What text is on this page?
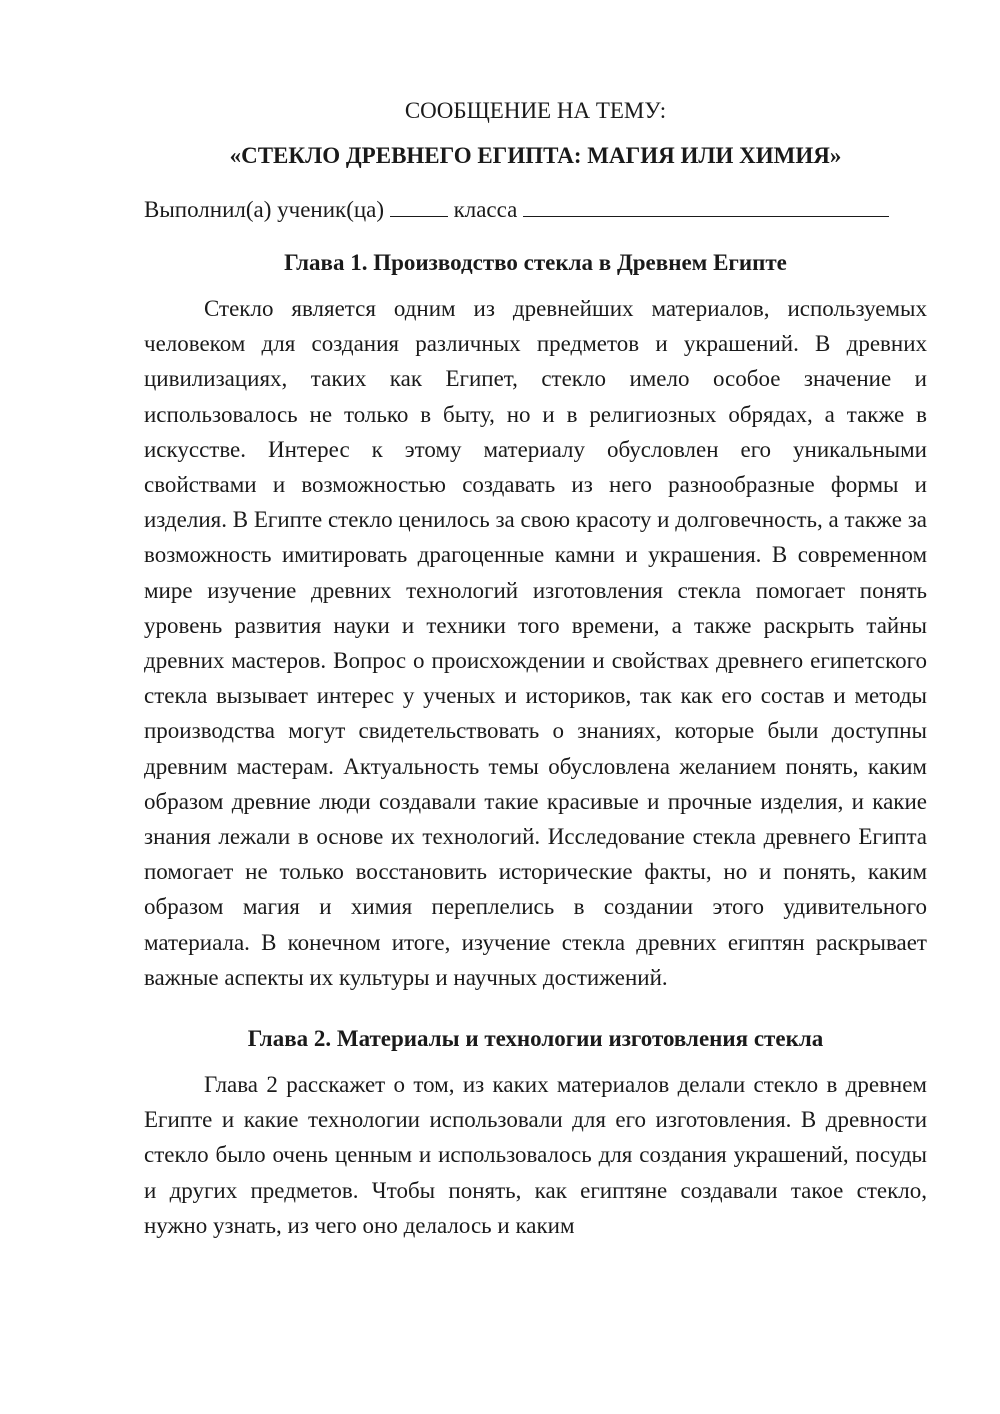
СООБЩЕНИЕ НА ТЕМУ:

«СТЕКЛО ДРЕВНЕГО ЕГИПТА: МАГИЯ ИЛИ ХИМИЯ»

Выполнил(а) ученик(ца)	класса
Глава 1. Производство стекла в Древнем Египте

Стекло является одним из древнейших материалов, используемых человеком для создания различных предметов и украшений. В древних цивилизациях, таких как Египет, стекло имело особое значение и использовалось не только в быту, но и в религиозных обрядах, а также в искусстве. Интерес к этому материалу обусловлен его уникальными свойствами и возможностью создавать из него разнообразные формы и изделия. В Египте стекло ценилось за свою красоту и долговечность, а также за возможность имитировать драгоценные камни и украшения. В современном мире изучение древних технологий изготовления стекла помогает понять уровень развития науки и техники того времени, а также раскрыть тайны древних мастеров. Вопрос о происхождении и свойствах древнего египетского стекла вызывает интерес у ученых и историков, так как его состав и методы производства могут свидетельствовать о знаниях, которые были доступны древним мастерам. Актуальность темы обусловлена желанием понять, каким образом древние люди создавали такие красивые и прочные изделия, и какие знания лежали в основе их технологий. Исследование стекла древнего Египта помогает не только восстановить исторические факты, но и понять, каким образом магия и химия переплелись в создании этого удивительного материала. В конечном итоге, изучение стекла древних египтян раскрывает важные аспекты их культуры и научных достижений.

Глава 2. Материалы и технологии изготовления стекла

Глава 2 расскажет о том, из каких материалов делали стекло в древнем Египте и какие технологии использовали для его изготовления. В древности стекло было очень ценным и использовалось для создания украшений, посуды и других предметов. Чтобы понять, как египтяне создавали такое стекло, нужно узнать, из чего оно делалось и каким
